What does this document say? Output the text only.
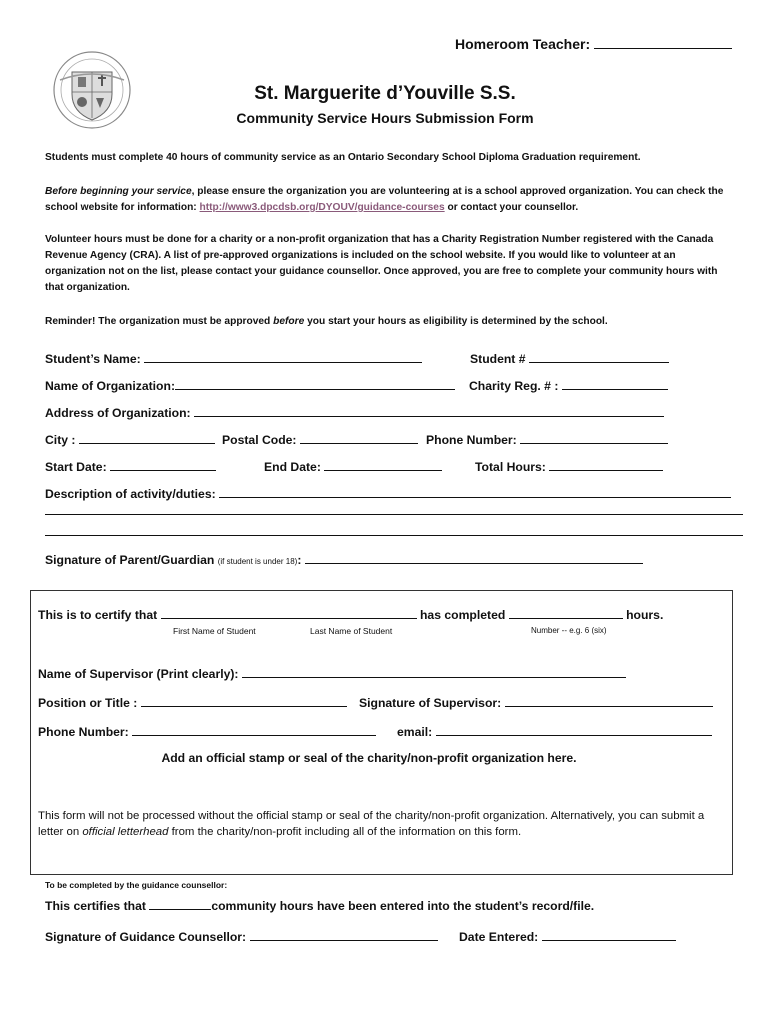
Homeroom Teacher:
St. Marguerite d’Youville S.S.
Community Service Hours Submission Form
Students must complete 40 hours of community service as an Ontario Secondary School Diploma Graduation requirement.
Before beginning your service, please ensure the organization you are volunteering at is a school approved organization. You can check the school website for information: http://www3.dpcdsb.org/DYOUV/guidance-courses or contact your counsellor.
Volunteer hours must be done for a charity or a non-profit organization that has a Charity Registration Number registered with the Canada Revenue Agency (CRA). A list of pre-approved organizations is included on the school website. If you would like to volunteer at an organization not on the list, please contact your guidance counsellor. Once approved, you are free to complete your community hours with that organization.
Reminder! The organization must be approved before you start your hours as eligibility is determined by the school.
Student’s Name:	Student #
Name of Organization:	Charity Reg. # :
Address of Organization:
City :	Postal Code:	Phone Number:
Start Date:	End Date:	Total Hours:
Description of activity/duties:
Signature of Parent/Guardian (if student is under 18):
This is to certify that	has completed	hours.
First Name of Student	Last Name of Student	Number -- e.g. 6 (six)
Name of Supervisor (Print clearly):
Position or Title :	Signature of Supervisor:
Phone Number:	email:
Add an official stamp or seal of the charity/non-profit organization here.
This form will not be processed without the official stamp or seal of the charity/non-profit organization. Alternatively, you can submit a letter on official letterhead from the charity/non-profit including all of the information on this form.
To be completed by the guidance counsellor:
This certifies that	community hours have been entered into the student’s record/file.
Signature of Guidance Counsellor:	Date Entered:
